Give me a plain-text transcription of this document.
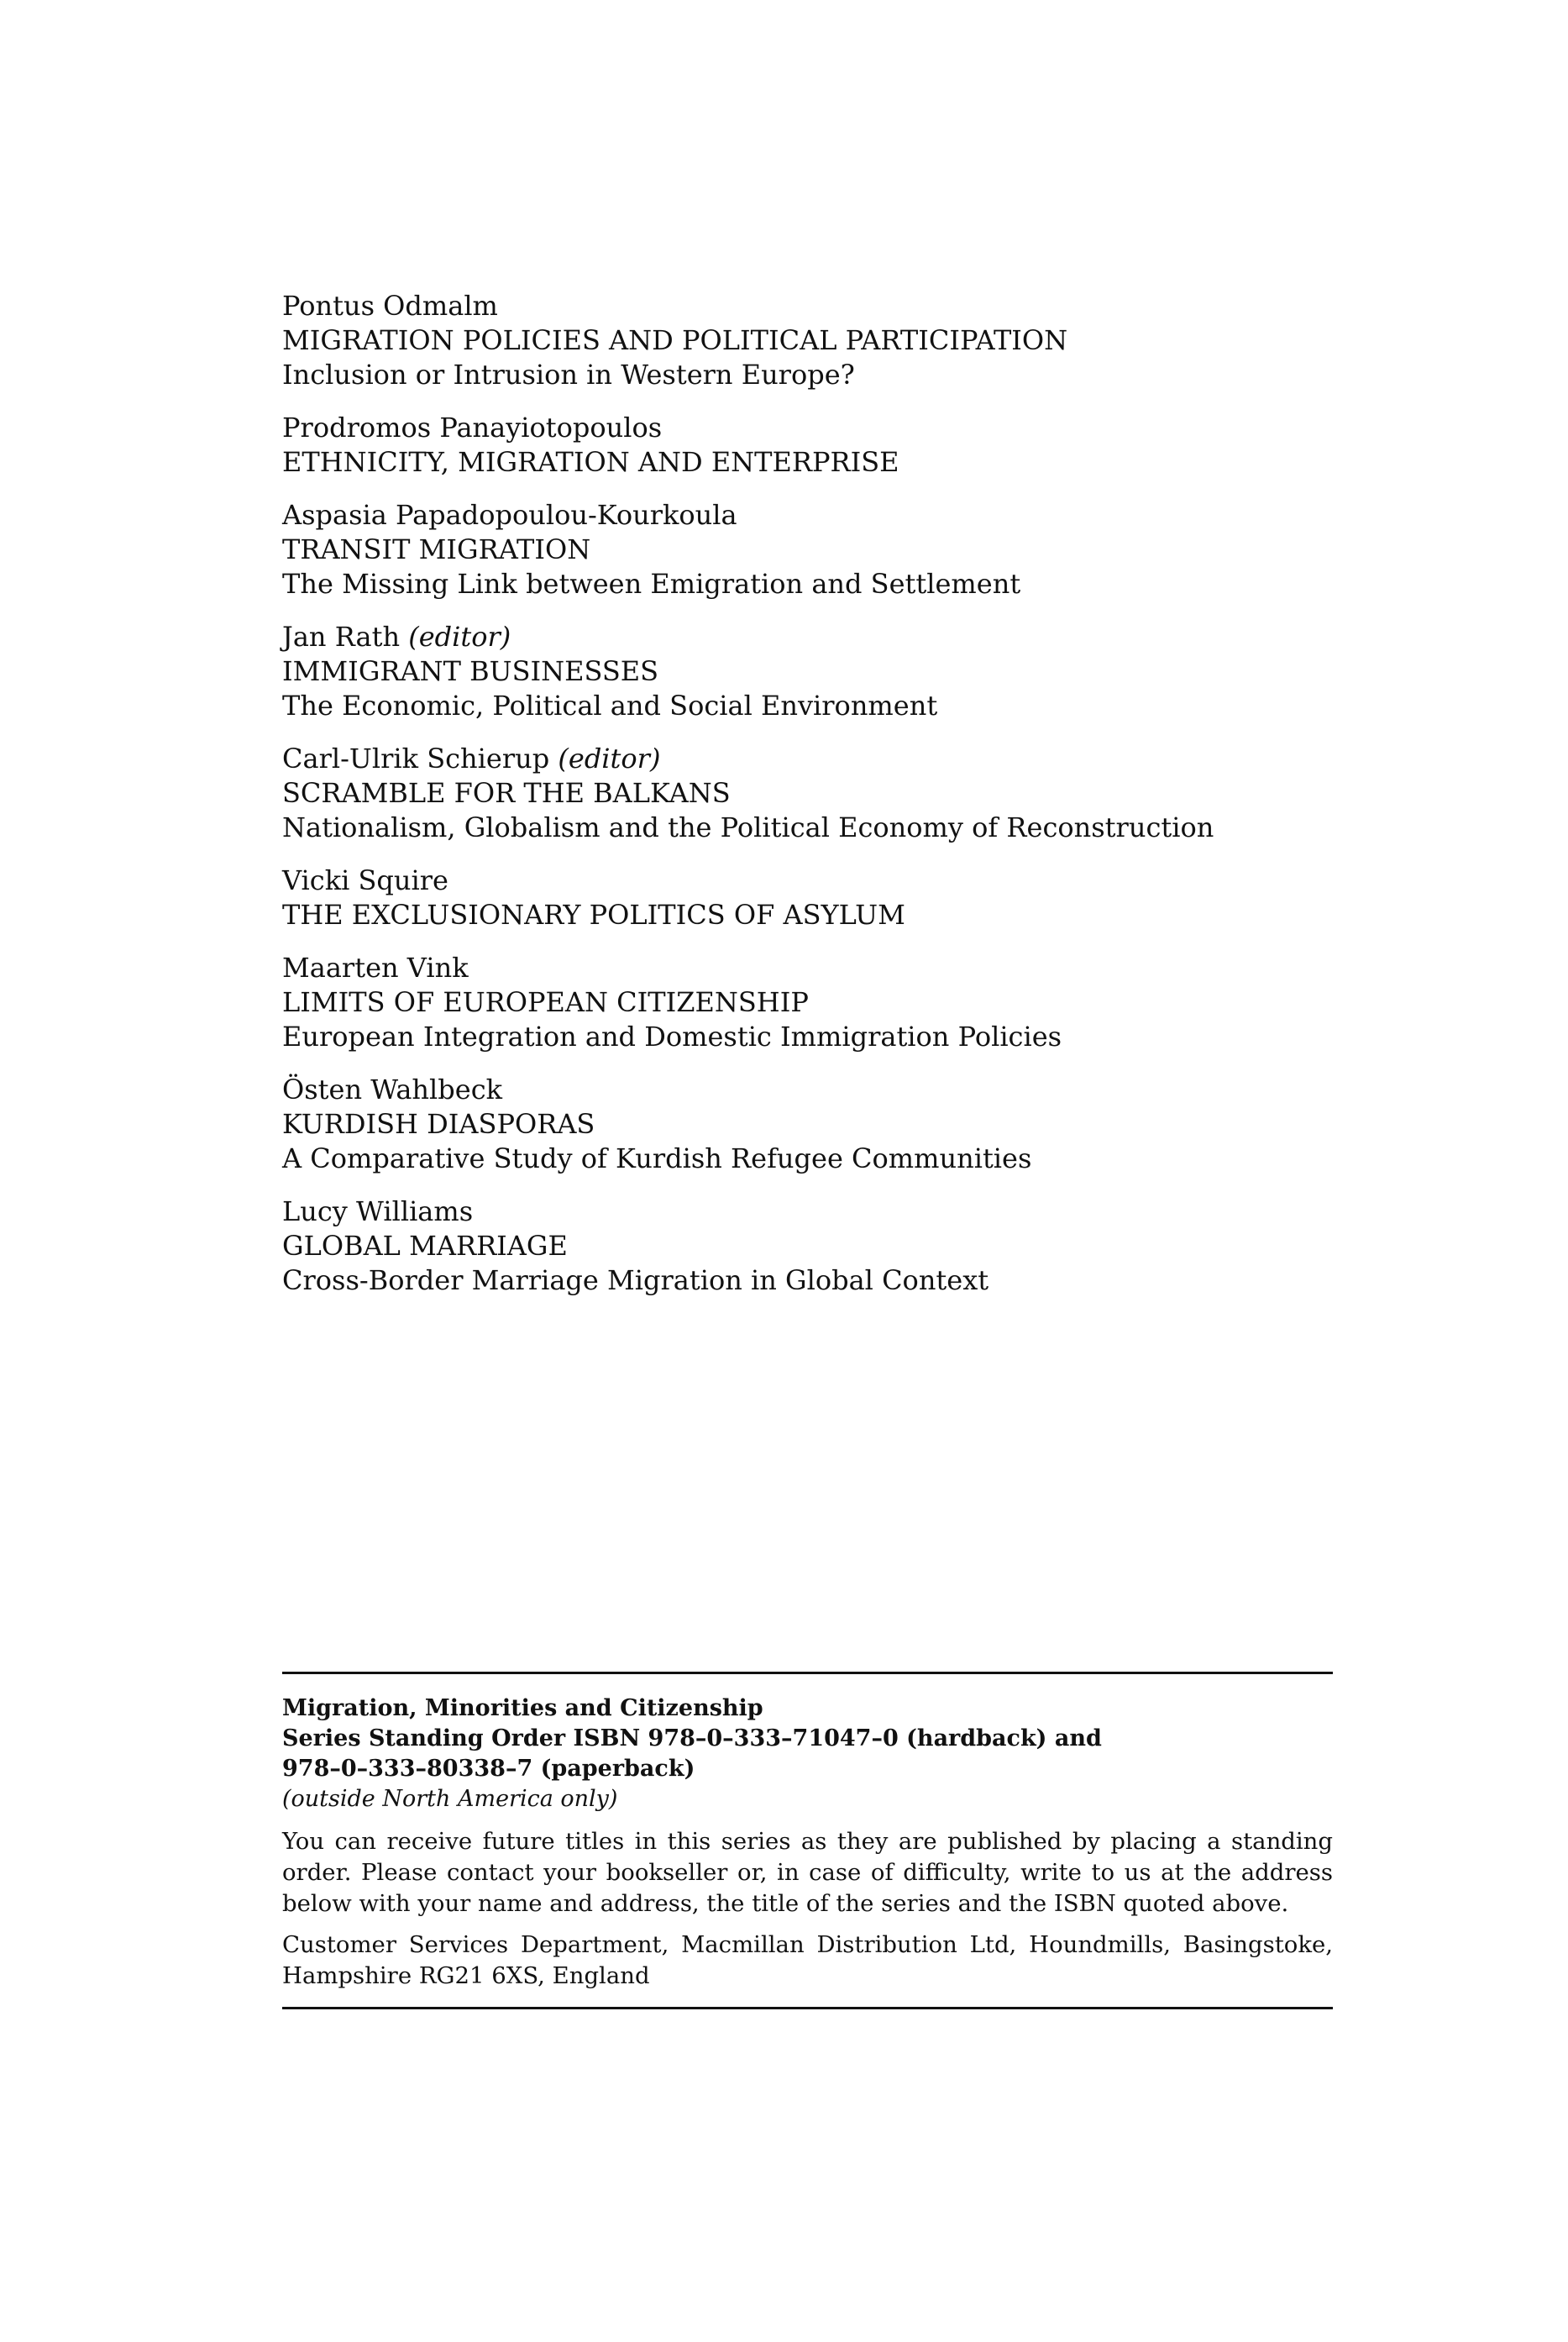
Pontus Odmalm
MIGRATION POLICIES AND POLITICAL PARTICIPATION
Inclusion or Intrusion in Western Europe?
Prodromos Panayiotopoulos
ETHNICITY, MIGRATION AND ENTERPRISE
Aspasia Papadopoulou-Kourkoula
TRANSIT MIGRATION
The Missing Link between Emigration and Settlement
Jan Rath (editor)
IMMIGRANT BUSINESSES
The Economic, Political and Social Environment
Carl-Ulrik Schierup (editor)
SCRAMBLE FOR THE BALKANS
Nationalism, Globalism and the Political Economy of Reconstruction
Vicki Squire
THE EXCLUSIONARY POLITICS OF ASYLUM
Maarten Vink
LIMITS OF EUROPEAN CITIZENSHIP
European Integration and Domestic Immigration Policies
Östen Wahlbeck
KURDISH DIASPORAS
A Comparative Study of Kurdish Refugee Communities
Lucy Williams
GLOBAL MARRIAGE
Cross-Border Marriage Migration in Global Context
Migration, Minorities and Citizenship
Series Standing Order ISBN 978–0–333–71047–0 (hardback) and
978–0–333–80338–7 (paperback)
(outside North America only)

You can receive future titles in this series as they are published by placing a standing order. Please contact your bookseller or, in case of difficulty, write to us at the address below with your name and address, the title of the series and the ISBN quoted above.

Customer Services Department, Macmillan Distribution Ltd, Houndmills, Basingstoke, Hampshire RG21 6XS, England
